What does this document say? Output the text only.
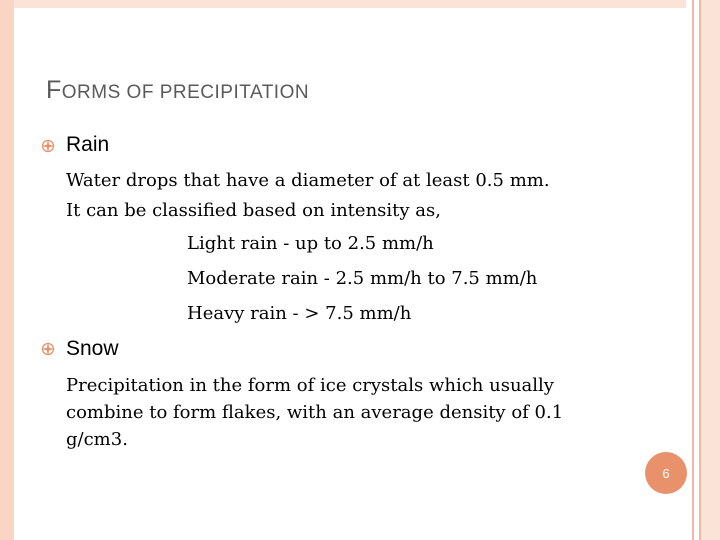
FORMS OF PRECIPITATION
Rain
Water drops that have a diameter of at least 0.5 mm.
It can be classified based on intensity as,
Light rain - up to 2.5 mm/h
Moderate rain - 2.5 mm/h to 7.5 mm/h
Heavy rain - > 7.5 mm/h
Snow
Precipitation in the form of ice crystals which usually
combine to form flakes, with an average density of 0.1
g/cm3.
6
